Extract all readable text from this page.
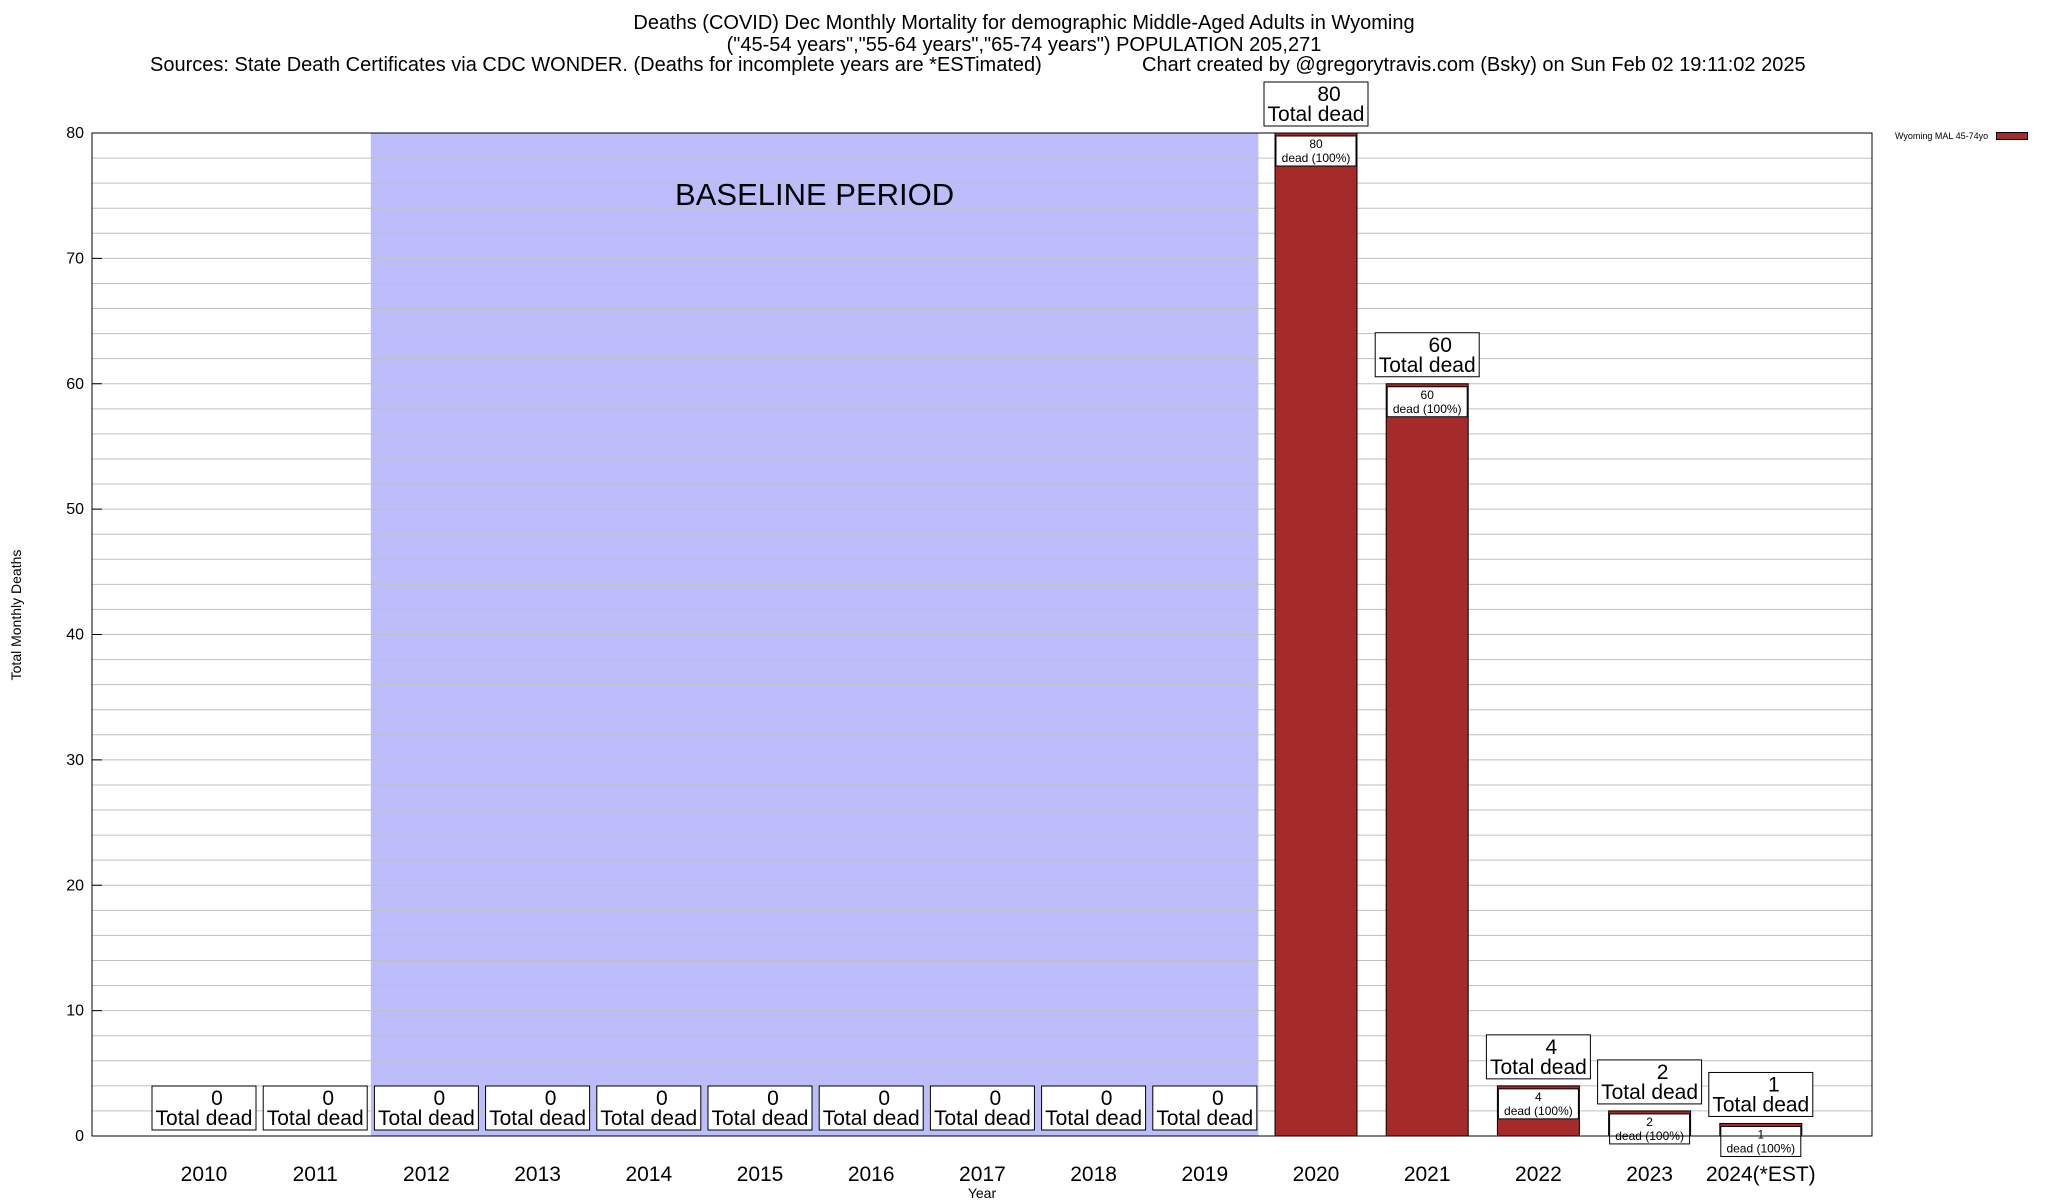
Deaths (COVID) Dec Monthly Mortality for demographic Middle-Aged Adults in Wyoming
("45-54 years","55-64 years","65-74 years") POPULATION 205,271
Sources: State Death Certificates via CDC WONDER. (Deaths for incomplete years are *ESTimated)	Chart created by @gregorytravis.com (Bsky) on Sun Feb 02 19:11:02 2025
BASELINE PERIOD
0
Total dead
0
Total dead
0
Total dead
0
Total dead
0
Total dead
0
Total dead
0
Total dead
0
Total dead
0
Total dead
0
Total dead
80
dead (100%)
80
Total dead
60
dead (100%)
60
Total dead
4
dead (100%)
4
Total dead
2
dead (100%)
2
Total dead
1
dead (100%)
1
Total dead
0
10
20
30
40
50
60
70
80
2010	2011	2012	2013	2014	2015	2016	2017	2018	2019	2020	2021	2022	2023 2024(*EST)
Year
Total Monthly Deaths
Wyoming MAL 45-74yo
